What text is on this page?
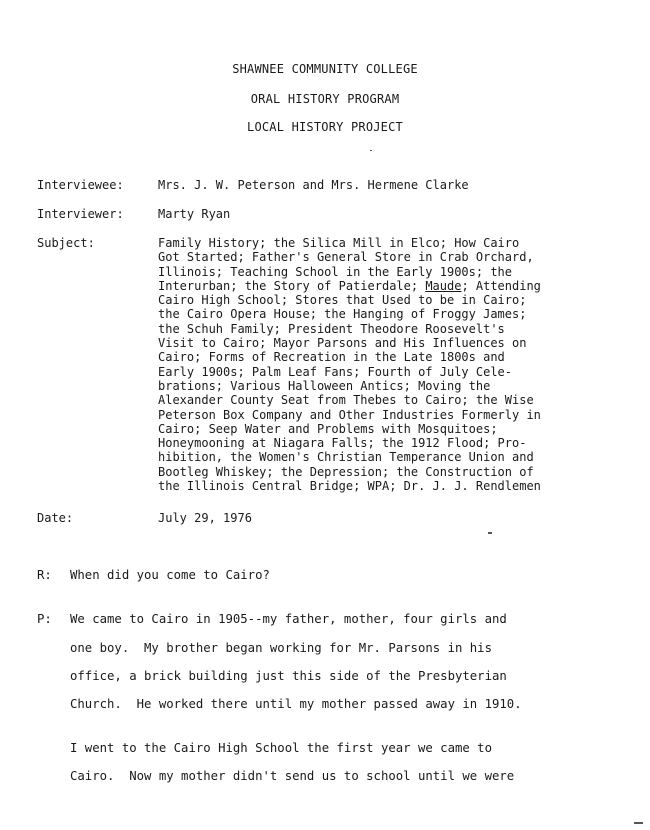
SHAWNEE COMMUNITY COLLEGE
ORAL HISTORY PROGRAM
LOCAL HISTORY PROJECT
Interviewee:	Mrs. J. W. Peterson and Mrs. Hermene Clarke
Interviewer:	Marty Ryan
Subject:	Family History; the Silica Mill in Elco; How Cairo
Got Started; Father's General Store in Crab Orchard,
Illinois; Teaching School in the Early 1900s; the
Interurban; the Story of Patierdale; Maude; Attending
Cairo High School; Stores that Used to be in Cairo;
the Cairo Opera House; the Hanging of Froggy James;
the Schuh Family; President Theodore Roosevelt's
Visit to Cairo; Mayor Parsons and His Influences on
Cairo; Forms of Recreation in the Late 1800s and
Early 1900s; Palm Leaf Fans; Fourth of July Cele-
brations; Various Halloween Antics; Moving the
Alexander County Seat from Thebes to Cairo; the Wise
Peterson Box Company and Other Industries Formerly in
Cairo; Seep Water and Problems with Mosquitoes;
Honeymooning at Niagara Falls; the 1912 Flood; Pro-
hibition, the Women's Christian Temperance Union and
Bootleg Whiskey; the Depression; the Construction of
the Illinois Central Bridge; WPA; Dr. J. J. Rendlemen
Date:	July 29, 1976
R: When did you come to Cairo?
P: We came to Cairo in 1905--my father, mother, four girls and
one boy.  My brother began working for Mr. Parsons in his
office, a brick building just this side of the Presbyterian
Church.  He worked there until my mother passed away in 1910.
I went to the Cairo High School the first year we came to
Cairo.  Now my mother didn't send us to school until we were
